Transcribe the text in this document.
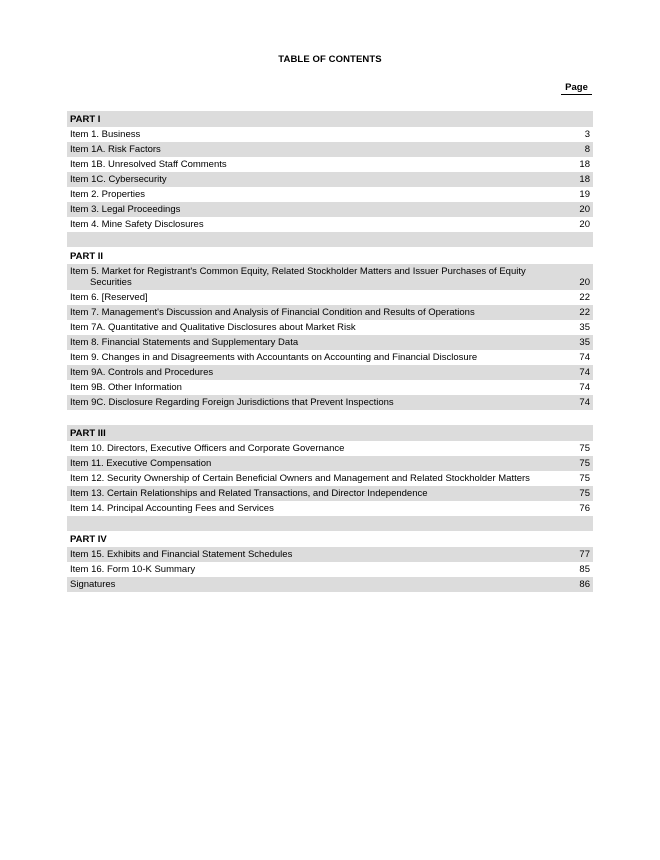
TABLE OF CONTENTS
Page
PART I
Item 1. Business	3
Item 1A. Risk Factors	8
Item 1B. Unresolved Staff Comments	18
Item 1C. Cybersecurity	18
Item 2. Properties	19
Item 3. Legal Proceedings	20
Item 4. Mine Safety Disclosures	20
PART II
Item 5. Market for Registrant's Common Equity, Related Stockholder Matters and Issuer Purchases of Equity
Securities	20
Item 6. [Reserved]	22
Item 7. Management's Discussion and Analysis of Financial Condition and Results of Operations	22
Item 7A. Quantitative and Qualitative Disclosures about Market Risk	35
Item 8. Financial Statements and Supplementary Data	35
Item 9. Changes in and Disagreements with Accountants on Accounting and Financial Disclosure	74
Item 9A. Controls and Procedures	74
Item 9B. Other Information	74
Item 9C. Disclosure Regarding Foreign Jurisdictions that Prevent Inspections	74
PART III
Item 10. Directors, Executive Officers and Corporate Governance	75
Item 11. Executive Compensation	75
Item 12. Security Ownership of Certain Beneficial Owners and Management and Related Stockholder Matters	75
Item 13. Certain Relationships and Related Transactions, and Director Independence	75
Item 14. Principal Accounting Fees and Services	76
PART IV
Item 15. Exhibits and Financial Statement Schedules	77
Item 16. Form 10-K Summary	85
Signatures	86
